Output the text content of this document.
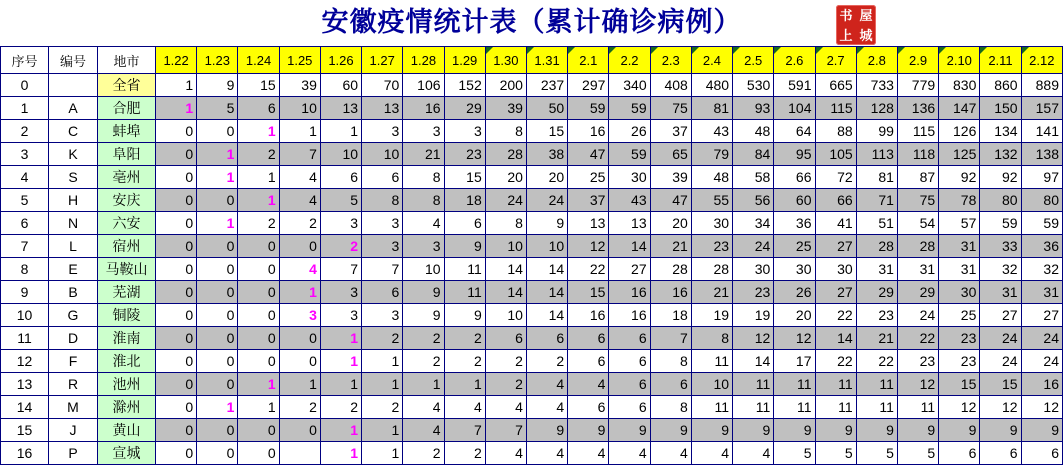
安徽疫情统计表（累计确诊病例）	书 屋
上 城
序号	编号	地市	1.22	1.23	1.24	1.25	1.26	1.27	1.28	1.29	1.30	1.31	2.1	2.2	2.3	2.4	2.5	2.6	2.7	2.8	2.9	2.10	2.11	2.12
0		全省	1	9	15	39	60	70	106	152	200	237	297	340	408	480	530	591	665	733	779	830	860	889
1	A	合肥	1	5	6	10	13	13	16	29	39	50	59	59	75	81	93	104	115	128	136	147	150	157
2	C	蚌埠	0	0	1	1	1	3	3	3	8	15	16	26	37	43	48	64	88	99	115	126	134	141
3	K	阜阳	0	1	2	7	10	10	21	23	28	38	47	59	65	79	84	95	105	113	118	125	132	138
4	S	亳州	0	1	1	4	6	6	8	15	20	20	25	30	39	48	58	66	72	81	87	92	92	97
5	H	安庆	0	0	1	4	5	8	8	18	24	24	37	43	47	55	56	60	66	71	75	78	80	80
6	N	六安	0	1	2	2	3	3	4	6	8	9	13	13	20	30	34	36	41	51	54	57	59	59
7	L	宿州	0	0	0	0	2	3	3	9	10	10	12	14	21	23	24	25	27	28	28	31	33	36
8	E	马鞍山	0	0	0	4	7	7	10	11	14	14	22	27	28	28	30	30	30	31	31	31	32	32
9	B	芜湖	0	0	0	1	3	6	9	11	14	14	15	16	16	21	23	26	27	29	29	30	31	31
10	G	铜陵	0	0	0	3	3	3	9	9	10	14	16	16	18	19	19	20	22	23	24	25	27	27
11	D	淮南	0	0	0	0	1	2	2	2	6	6	6	6	7	8	12	12	14	21	22	23	24	24
12	F	淮北	0	0	0	0	1	1	2	2	2	2	6	6	8	11	14	17	22	22	23	23	24	24
13	R	池州	0	0	1	1	1	1	1	1	2	4	4	6	6	10	11	11	11	11	12	15	15	16
14	M	滁州	0	1	1	2	2	2	4	4	4	4	6	6	8	11	11	11	11	11	11	12	12	12
15	J	黄山	0	0	0	0	1	1	4	7	7	9	9	9	9	9	9	9	9	9	9	9	9	9
16	P	宣城	0	0	0		1	1	2	2	4	4	4	4	4	4	4	5	5	5	5	6	6	6
